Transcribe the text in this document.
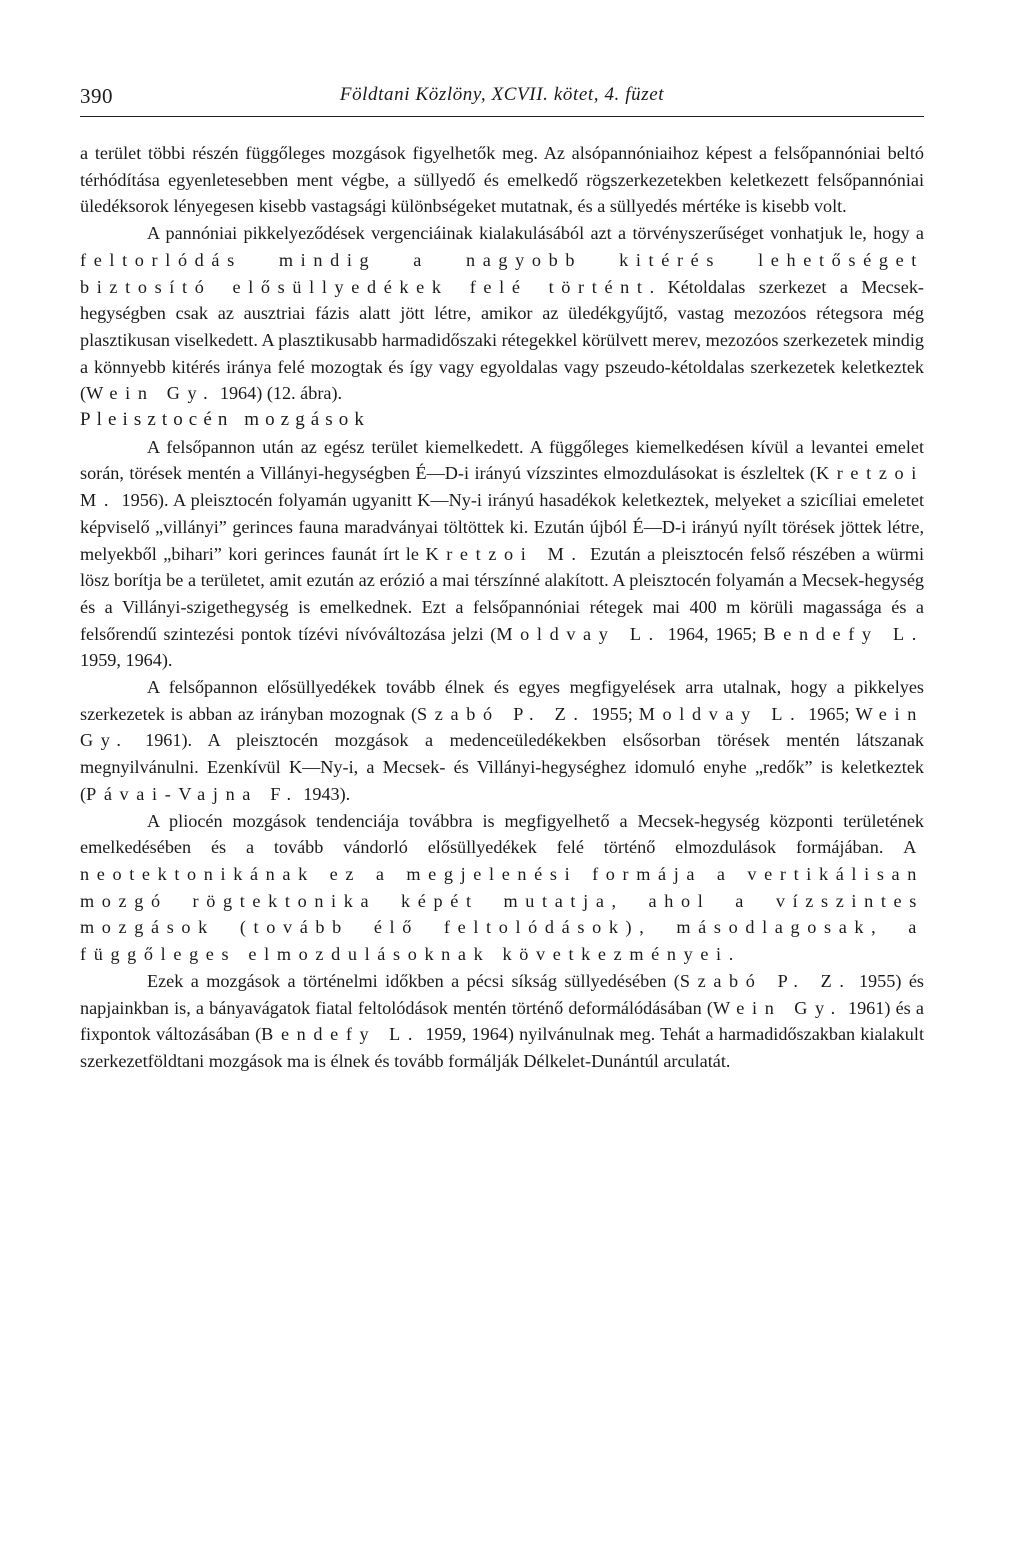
390	Földtani Közlöny, XCVII. kötet, 4. füzet

a terület többi részén függőleges mozgások figyelhetők meg. Az alsópannóniaihoz képest a felsőpannóniai beltó térhódítása egyenletesebben ment végbe, a süllyedő és emelkedő rögszerkezetekben keletkezett felsőpannóniai üledéksorok lényegesen kisebb vastagsági különbségeket mutatnak, és a süllyedés mértéke is kisebb volt.

A pannóniai pikkelyeződések vergenciáinak kialakulásából azt a törvényszerűséget vonhatjuk le, hogy a feltorlódás mindig a nagyobb kitérés lehetőséget biztosító elősüllyedékek felé történt. Kétoldalas szerkezet a Mecsek-hegységben csak az ausztriai fázis alatt jött létre, amikor az üledékgyűjtő, vastag mezozóos rétegsora még plasztikusan viselkedett. A plasztikusabb harmadidőszaki rétegekkel körülvett merev, mezozóos szerkezetek mindig a könnyebb kitérés iránya felé mozogtak és így vagy egyoldalas vagy pszeudo-kétoldalas szerkezetek keletkeztek (Wein Gy. 1964) (12. ábra).

Pleisztocén mozgások

A felsőpannon után az egész terület kiemelkedett. A függőleges kiemelkedésen kívül a levantei emelet során, törések mentén a Villányi-hegységben É—D-i irányú vízszintes elmozdulásokat is észleltek (Kretzoi M. 1956). A pleisztocén folyamán ugyanitt K—Ny-i irányú hasadékok keletkeztek, melyeket a szicíliai emeletet képviselő „villányi” gerinces fauna maradványai töltöttek ki. Ezután újból É—D-i irányú nyílt törések jöttek létre, melyekből „bihari” kori gerinces faunát írt le Kretzoi M. Ezután a pleisztocén felső részében a würmi lösz borítja be a területet, amit ezután az erózió a mai térszínné alakított. A pleisztocén folyamán a Mecsek-hegység és a Villányi-szigethegység is emelkednek. Ezt a felsőpannóniai rétegek mai 400 m körüli magassága és a felsőrendű szintezési pontok tízévi nívóváltozása jelzi (Moldvay L. 1964, 1965; Bendefy L. 1959, 1964).

A felsőpannon elősüllyedékek tovább élnek és egyes megfigyelések arra utalnak, hogy a pikkelyes szerkezetek is abban az irányban mozognak (Szabó P. Z. 1955; Moldvay L. 1965; Wein Gy. 1961). A pleisztocén mozgások a medenceüledékekben elsősorban törések mentén látszanak megnyilvánulni. Ezenkívül K—Ny-i, a Mecsek- és Villányi-hegységhez idomuló enyhe „redők” is keletkeztek (Pávai-Vajna F. 1943).

A pliocén mozgások tendenciája továbbra is megfigyelhető a Mecsek-hegység központi területének emelkedésében és a tovább vándorló elősüllyedékek felé történő elmozdulások formájában. A neotektonikának ez a megjelenési formája a vertikálisan mozgó rögtektonika képét mutatja, ahol a vízszintes mozgások (tovább élő feltolódások), másodlagosak, a függőleges elmozdulásoknak következményei.

Ezek a mozgások a történelmi időkben a pécsi síkság süllyedésében (Szabó P. Z. 1955) és napjainkban is, a bányavágatok fiatal feltolódások mentén történő deformálódásában (Wein Gy. 1961) és a fixpontok változásában (Bendefy L. 1959, 1964) nyilvánulnak meg. Tehát a harmadidőszakban kialakult szerkezetföldtani mozgások ma is élnek és tovább formálják Délkelet-Dunántúl arculatát.
